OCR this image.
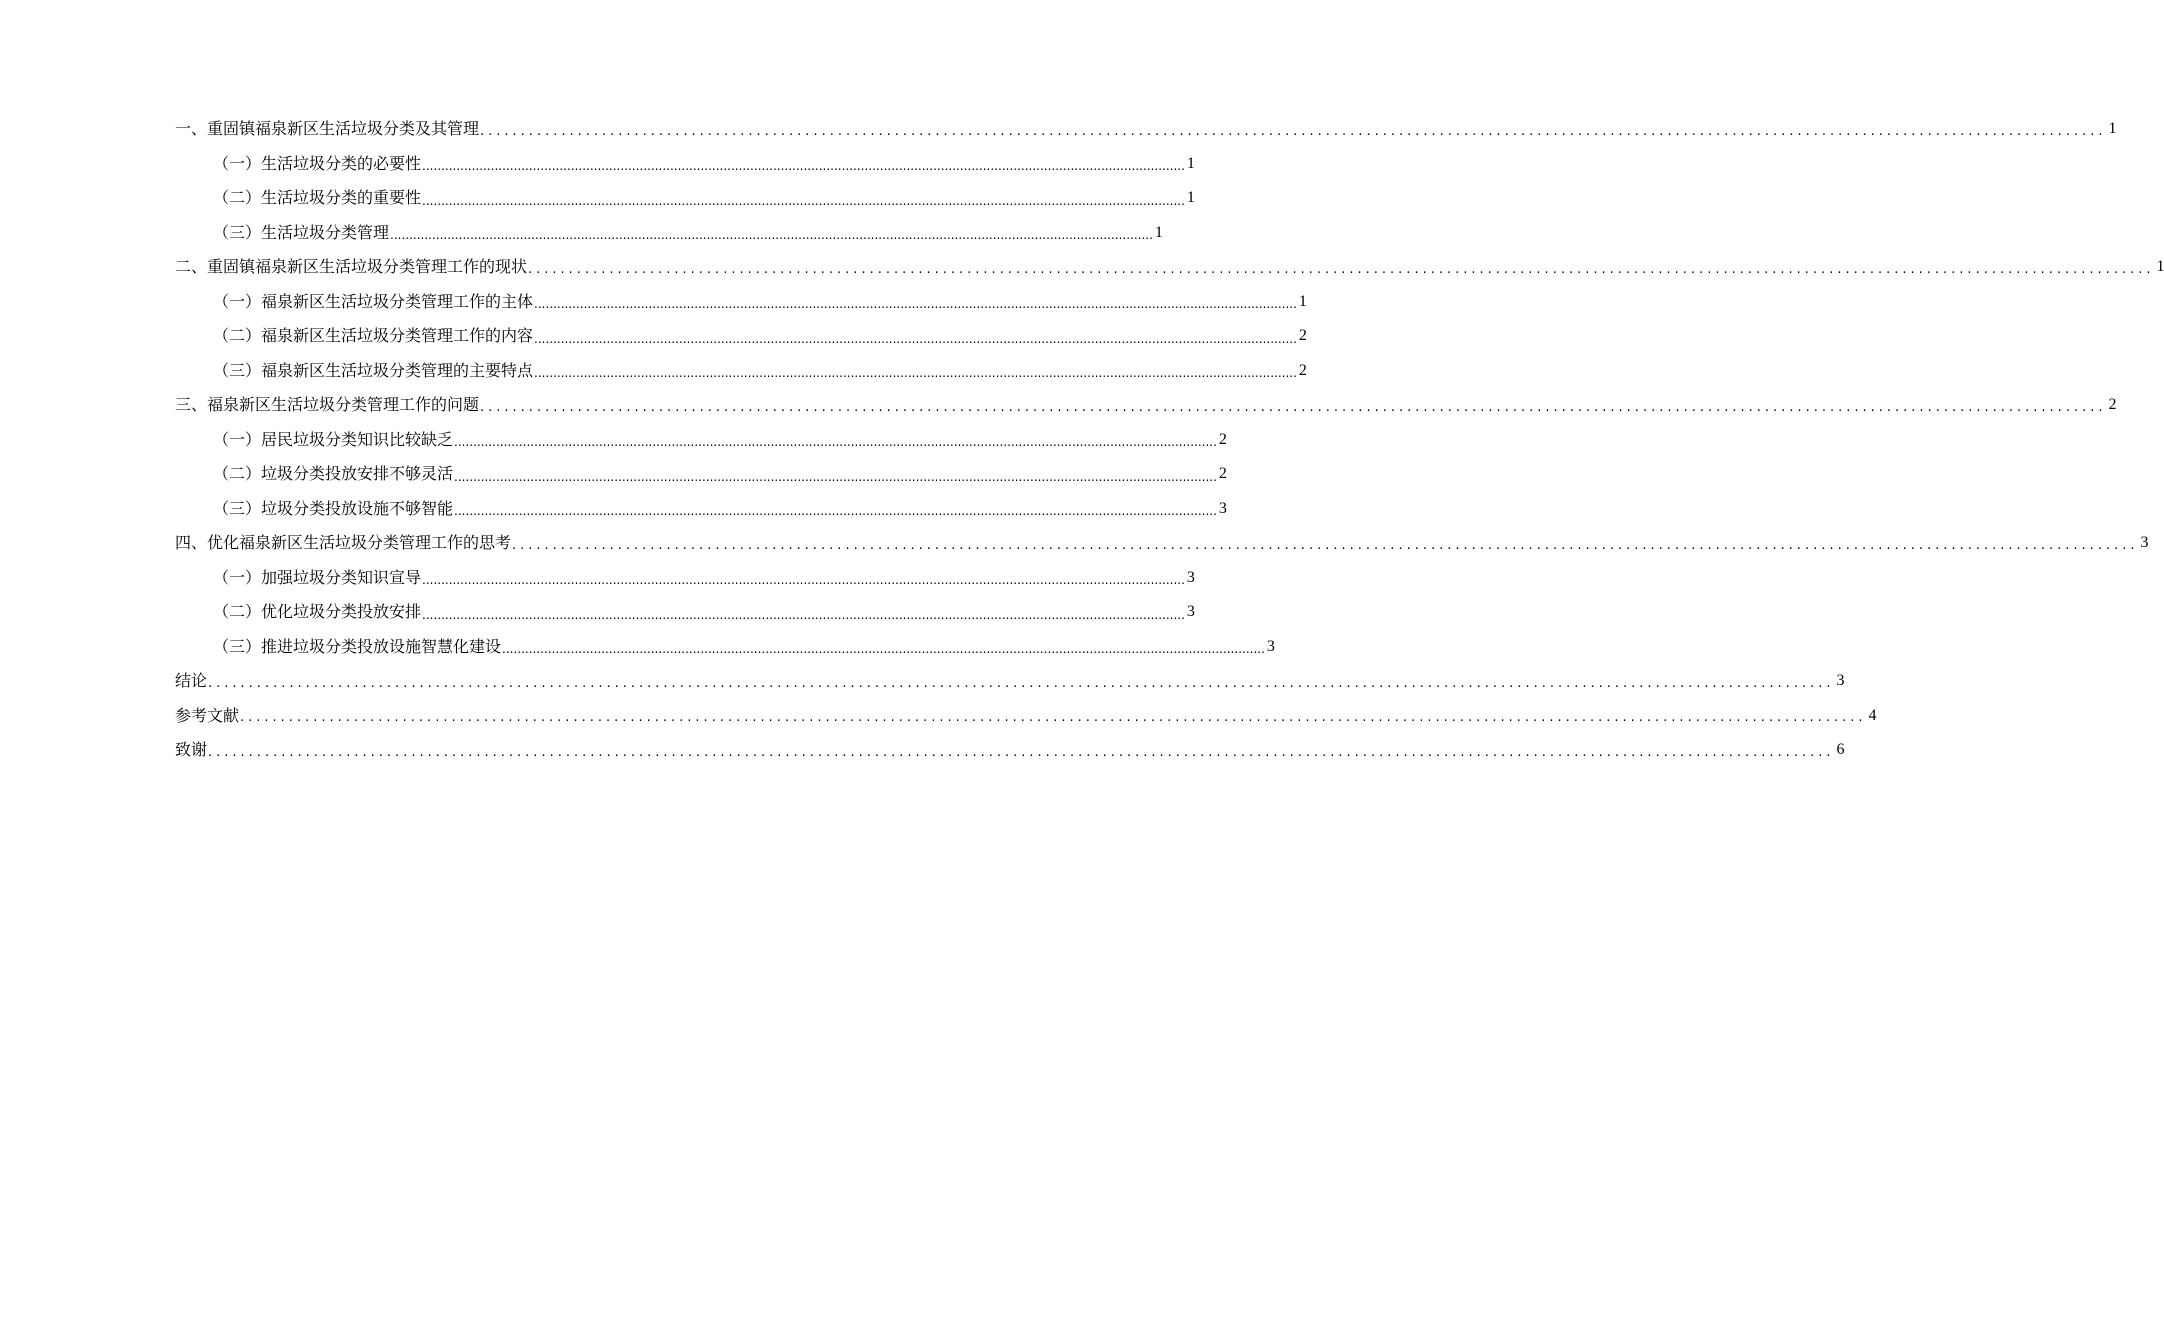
一、重固镇福泉新区生活垃圾分类及其管理 ........................................................................................................................................................................................................ 1
（一）生活垃圾分类的必要性 ........................................................................................................................................................................................................ 1
（二）生活垃圾分类的重要性 ........................................................................................................................................................................................................ 1
（三）生活垃圾分类管理 ........................................................................................................................................................................................................ 1
二、重固镇福泉新区生活垃圾分类管理工作的现状 ........................................................................................................................................................................................................ 1
（一）福泉新区生活垃圾分类管理工作的主体 ........................................................................................................................................................................................................ 1
（二）福泉新区生活垃圾分类管理工作的内容 ........................................................................................................................................................................................................ 2
（三）福泉新区生活垃圾分类管理的主要特点 ........................................................................................................................................................................................................ 2
三、福泉新区生活垃圾分类管理工作的问题 ........................................................................................................................................................................................................ 2
（一）居民垃圾分类知识比较缺乏 ........................................................................................................................................................................................................ 2
（二）垃圾分类投放安排不够灵活 ........................................................................................................................................................................................................ 2
（三）垃圾分类投放设施不够智能 ........................................................................................................................................................................................................ 3
四、优化福泉新区生活垃圾分类管理工作的思考 ........................................................................................................................................................................................................ 3
（一）加强垃圾分类知识宣导 ........................................................................................................................................................................................................ 3
（二）优化垃圾分类投放安排 ........................................................................................................................................................................................................ 3
（三）推进垃圾分类投放设施智慧化建设 ........................................................................................................................................................................................................ 3
结论 ........................................................................................................................................................................................................ 3
参考文献 ........................................................................................................................................................................................................ 4
致谢 ........................................................................................................................................................................................................ 6
